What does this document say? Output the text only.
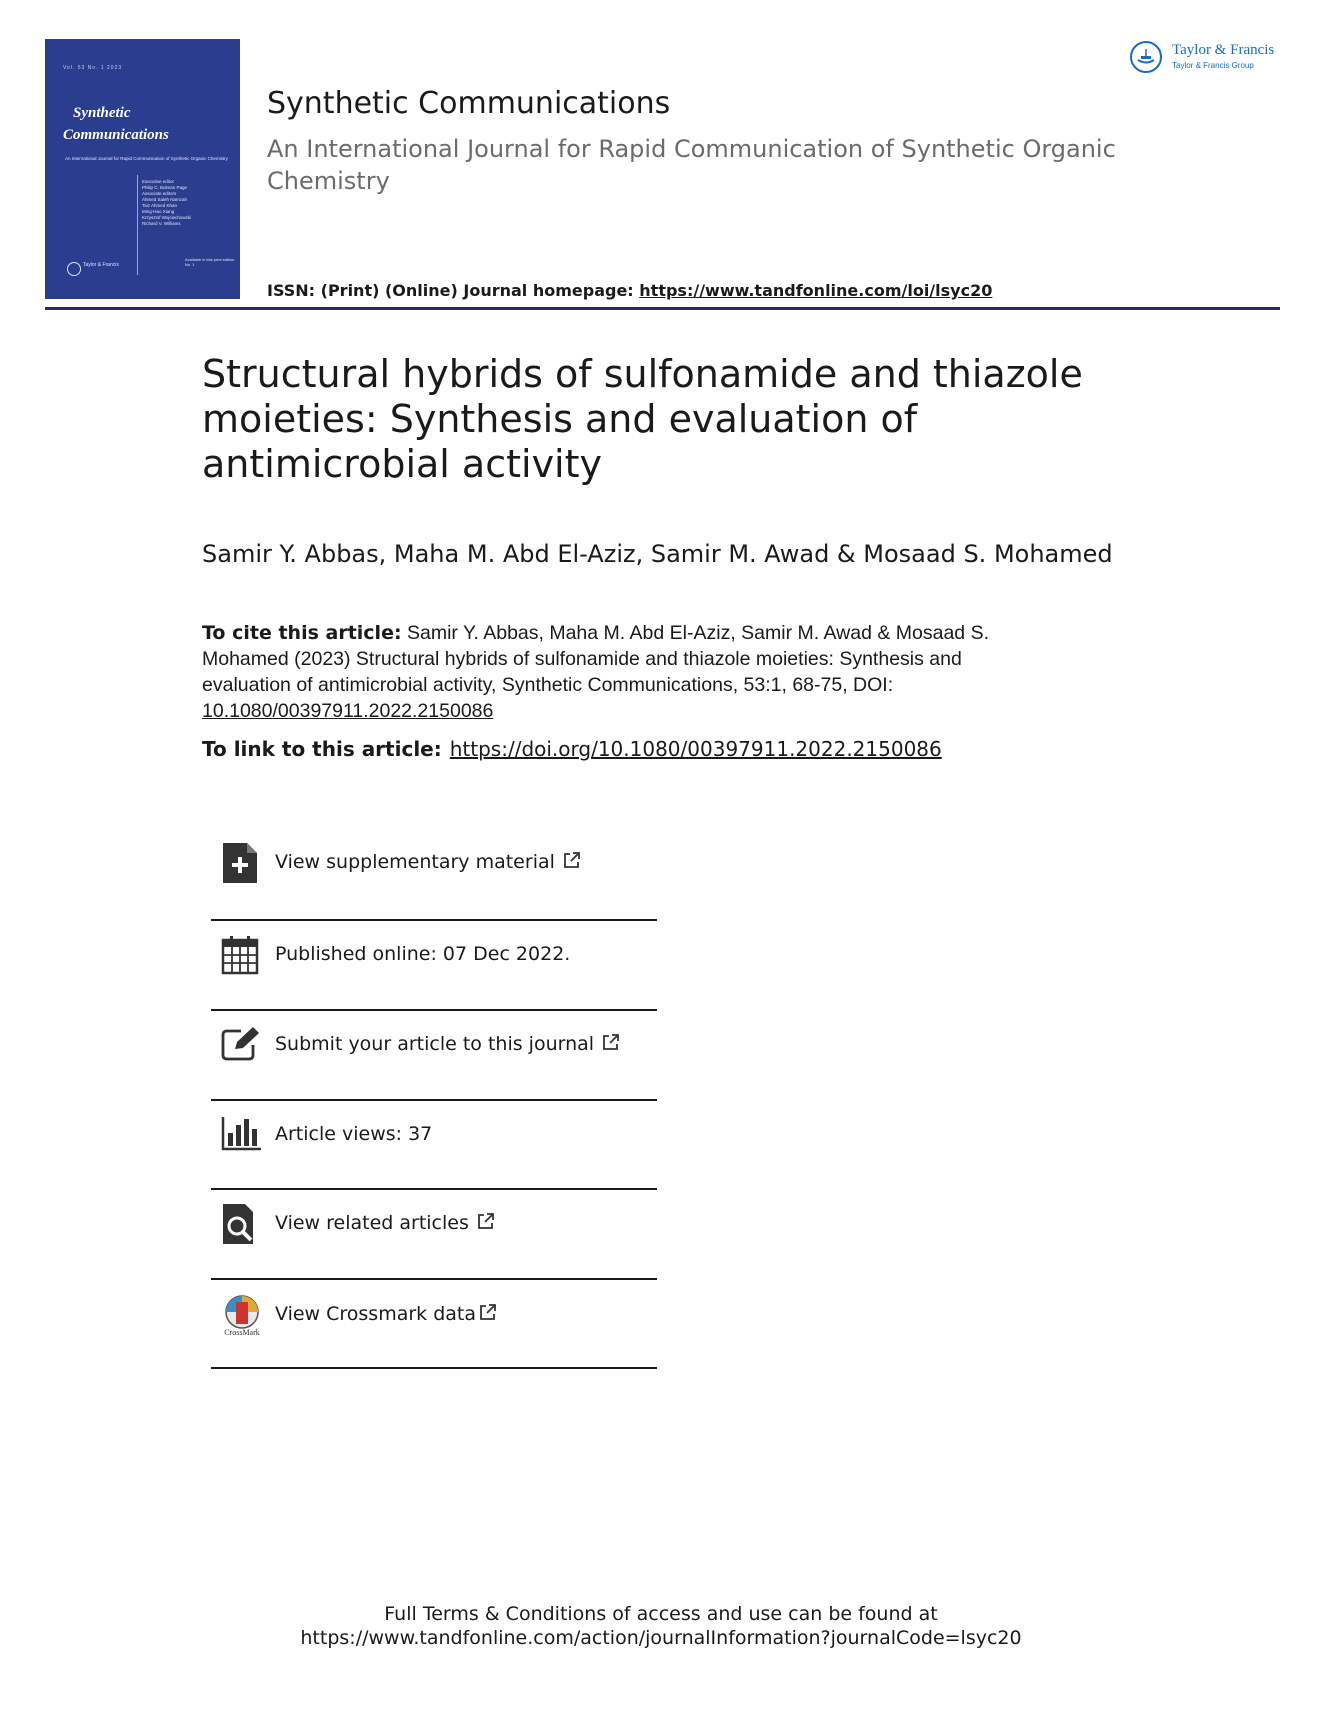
Vol. 53 No. 1 2023
Synthetic
Communications
An International Journal for Rapid Communication of Synthetic Organic Chemistry
Executive editor
Philip C. Bulman Page
Associate editors
Ahmed Saleh Namzah
Taiz Ahmed Khan
Ming-Hao Xiang
Krzysztof Wojciechowski
Richard V. Williams
Taylor & Francis
Available in this print edition No. 1
Synthetic Communications
An International Journal for Rapid Communication of Synthetic Organic Chemistry
ISSN: (Print) (Online) Journal homepage: https://www.tandfonline.com/loi/lsyc20
Taylor & Francis
Taylor & Francis Group
Structural hybrids of sulfonamide and thiazole moieties: Synthesis and evaluation of antimicrobial activity
Samir Y. Abbas, Maha M. Abd El-Aziz, Samir M. Awad & Mosaad S. Mohamed
To cite this article: Samir Y. Abbas, Maha M. Abd El-Aziz, Samir M. Awad & Mosaad S. Mohamed (2023) Structural hybrids of sulfonamide and thiazole moieties: Synthesis and evaluation of antimicrobial activity, Synthetic Communications, 53:1, 68-75, DOI: 10.1080/00397911.2022.2150086
To link to this article: https://doi.org/10.1080/00397911.2022.2150086
View supplementary material
Published online: 07 Dec 2022.
Submit your article to this journal
Article views: 37
View related articles
CrossMark
View Crossmark data
Full Terms & Conditions of access and use can be found at
https://www.tandfonline.com/action/journalInformation?journalCode=lsyc20
